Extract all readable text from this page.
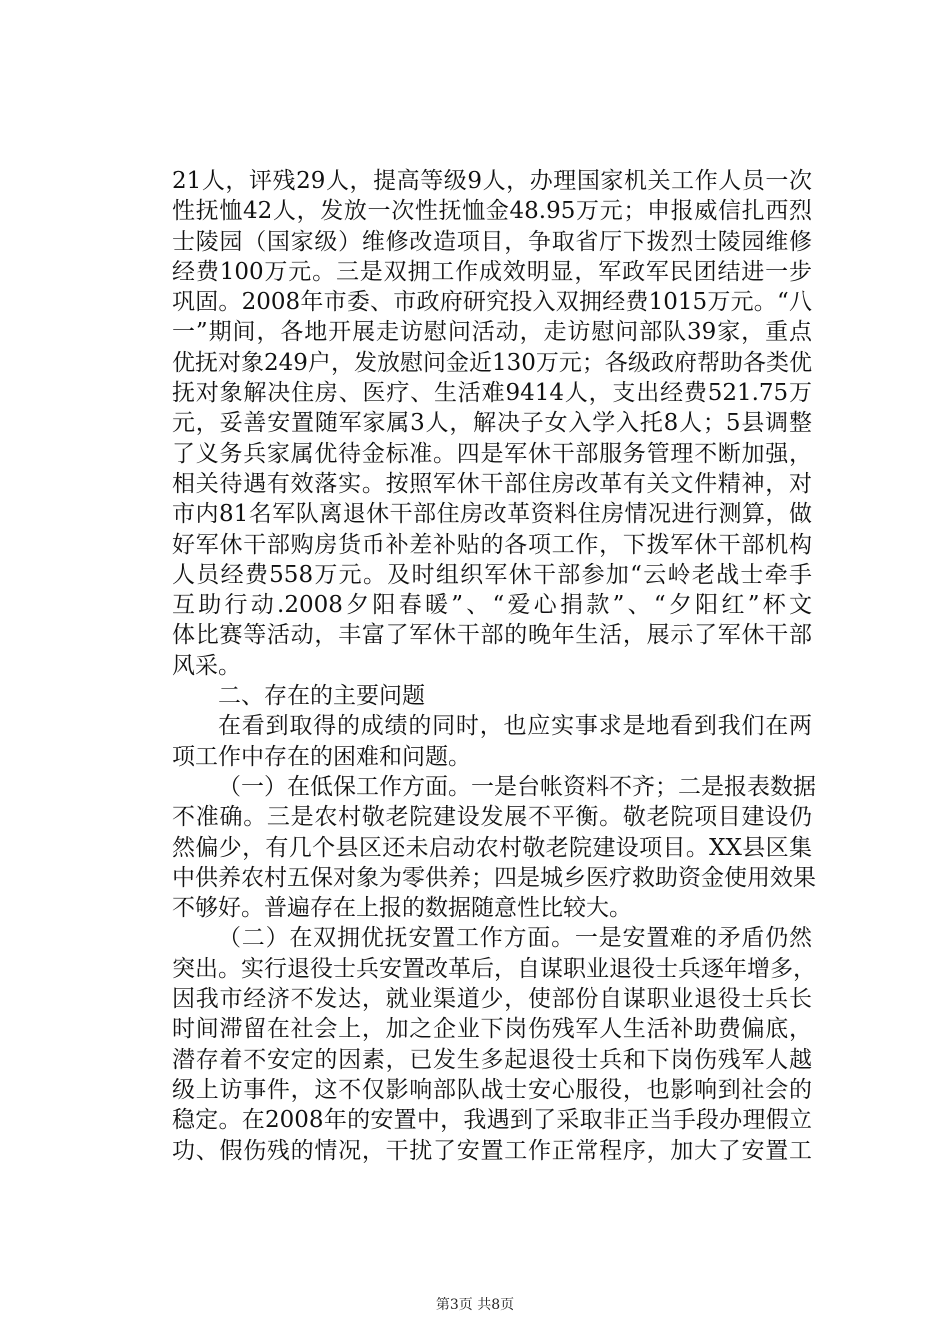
21人，评残29人，提高等级9人，办理国家机关工作人员一次
性抚恤42人，发放一次性抚恤金48.95万元；申报威信扎西烈
士陵园（国家级）维修改造项目，争取省厅下拨烈士陵园维修
经费100万元。三是双拥工作成效明显，军政军民团结进一步
巩固。2008年市委、市政府研究投入双拥经费1015万元。“八
一”期间，各地开展走访慰问活动，走访慰问部队39家，重点
优抚对象249户，发放慰问金近130万元；各级政府帮助各类优
抚对象解决住房、医疗、生活难9414人，支出经费521.75万
元，妥善安置随军家属3人，解决子女入学入托8人；5县调整
了义务兵家属优待金标准。四是军休干部服务管理不断加强，
相关待遇有效落实。按照军休干部住房改革有关文件精神，对
市内81名军队离退休干部住房改革资料住房情况进行测算，做
好军休干部购房货币补差补贴的各项工作，下拨军休干部机构
人员经费558万元。及时组织军休干部参加“云岭老战士牵手
互助行动.2008夕阳春暖”、“爱心捐款”、“夕阳红”杯文
体比赛等活动，丰富了军休干部的晚年生活，展示了军休干部
风采。
二、存在的主要问题
在看到取得的成绩的同时，也应实事求是地看到我们在两
项工作中存在的困难和问题。
（一）在低保工作方面。一是台帐资料不齐；二是报表数据
不准确。三是农村敬老院建设发展不平衡。敬老院项目建设仍
然偏少，有几个县区还未启动农村敬老院建设项目。XX县区集
中供养农村五保对象为零供养；四是城乡医疗救助资金使用效果
不够好。普遍存在上报的数据随意性比较大。
（二）在双拥优抚安置工作方面。一是安置难的矛盾仍然
突出。实行退役士兵安置改革后，自谋职业退役士兵逐年增多，
因我市经济不发达，就业渠道少，使部份自谋职业退役士兵长
时间滞留在社会上，加之企业下岗伤残军人生活补助费偏底，
潜存着不安定的因素，已发生多起退役士兵和下岗伤残军人越
级上访事件，这不仅影响部队战士安心服役，也影响到社会的
稳定。在2008年的安置中，我遇到了采取非正当手段办理假立
功、假伤残的情况，干扰了安置工作正常程序，加大了安置工
第3页 共8页
